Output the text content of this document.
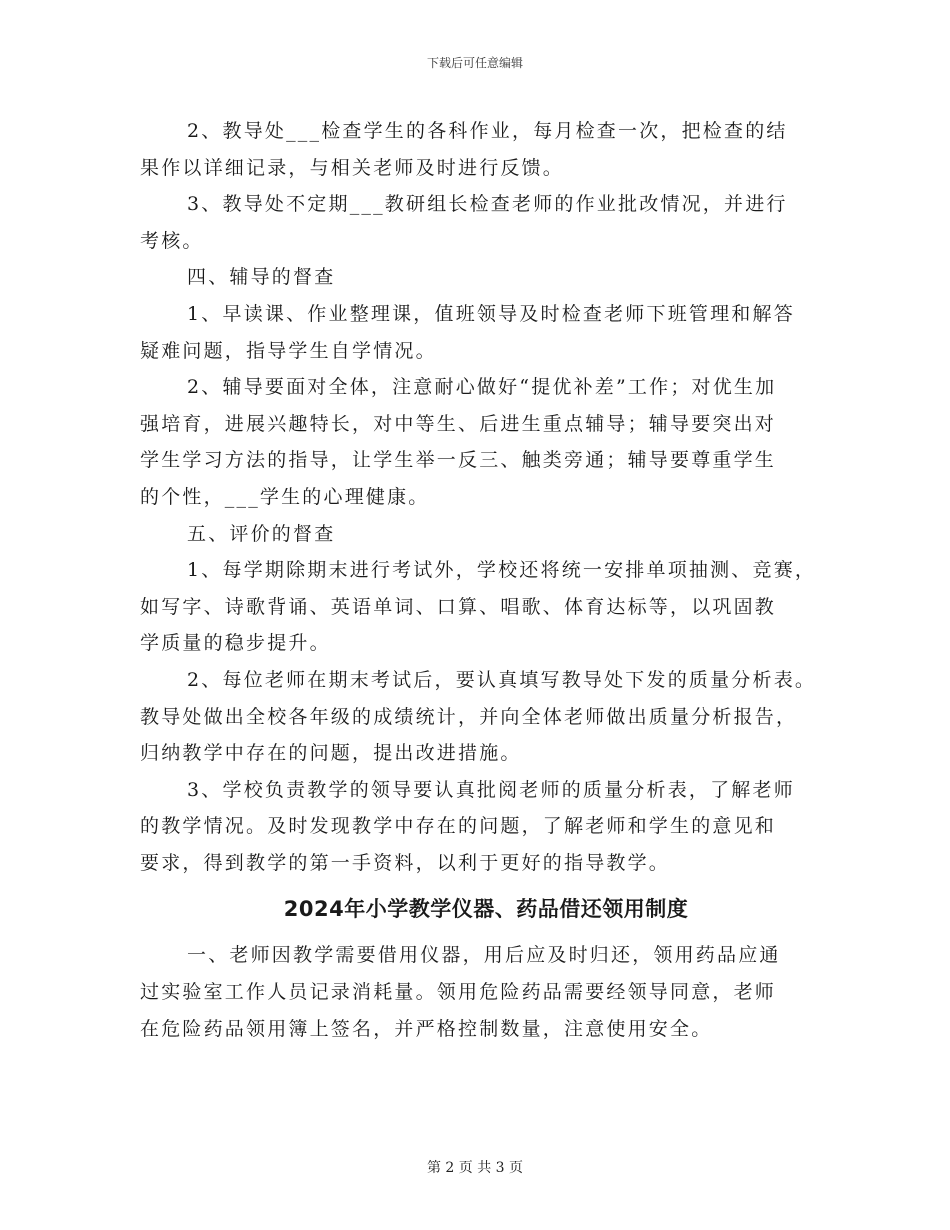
下载后可任意编辑
2、教导处___检查学生的各科作业，每月检查一次，把检查的结
果作以详细记录，与相关老师及时进行反馈。
3、教导处不定期___教研组长检查老师的作业批改情况，并进行
考核。
四、辅导的督查
1、早读课、作业整理课，值班领导及时检查老师下班管理和解答
疑难问题，指导学生自学情况。
2、辅导要面对全体，注意耐心做好“提优补差”工作；对优生加
强培育，进展兴趣特长，对中等生、后进生重点辅导；辅导要突出对
学生学习方法的指导，让学生举一反三、触类旁通；辅导要尊重学生
的个性，___学生的心理健康。
五、评价的督查
1、每学期除期末进行考试外，学校还将统一安排单项抽测、竞赛，
如写字、诗歌背诵、英语单词、口算、唱歌、体育达标等，以巩固教
学质量的稳步提升。
2、每位老师在期末考试后，要认真填写教导处下发的质量分析表。
教导处做出全校各年级的成绩统计，并向全体老师做出质量分析报告，
归纳教学中存在的问题，提出改进措施。
3、学校负责教学的领导要认真批阅老师的质量分析表，了解老师
的教学情况。及时发现教学中存在的问题，了解老师和学生的意见和
要求，得到教学的第一手资料，以利于更好的指导教学。
2024年小学教学仪器、药品借还领用制度
一、老师因教学需要借用仪器，用后应及时归还，领用药品应通
过实验室工作人员记录消耗量。领用危险药品需要经领导同意，老师
在危险药品领用簿上签名，并严格控制数量，注意使用安全。
第 2 页 共 3 页
